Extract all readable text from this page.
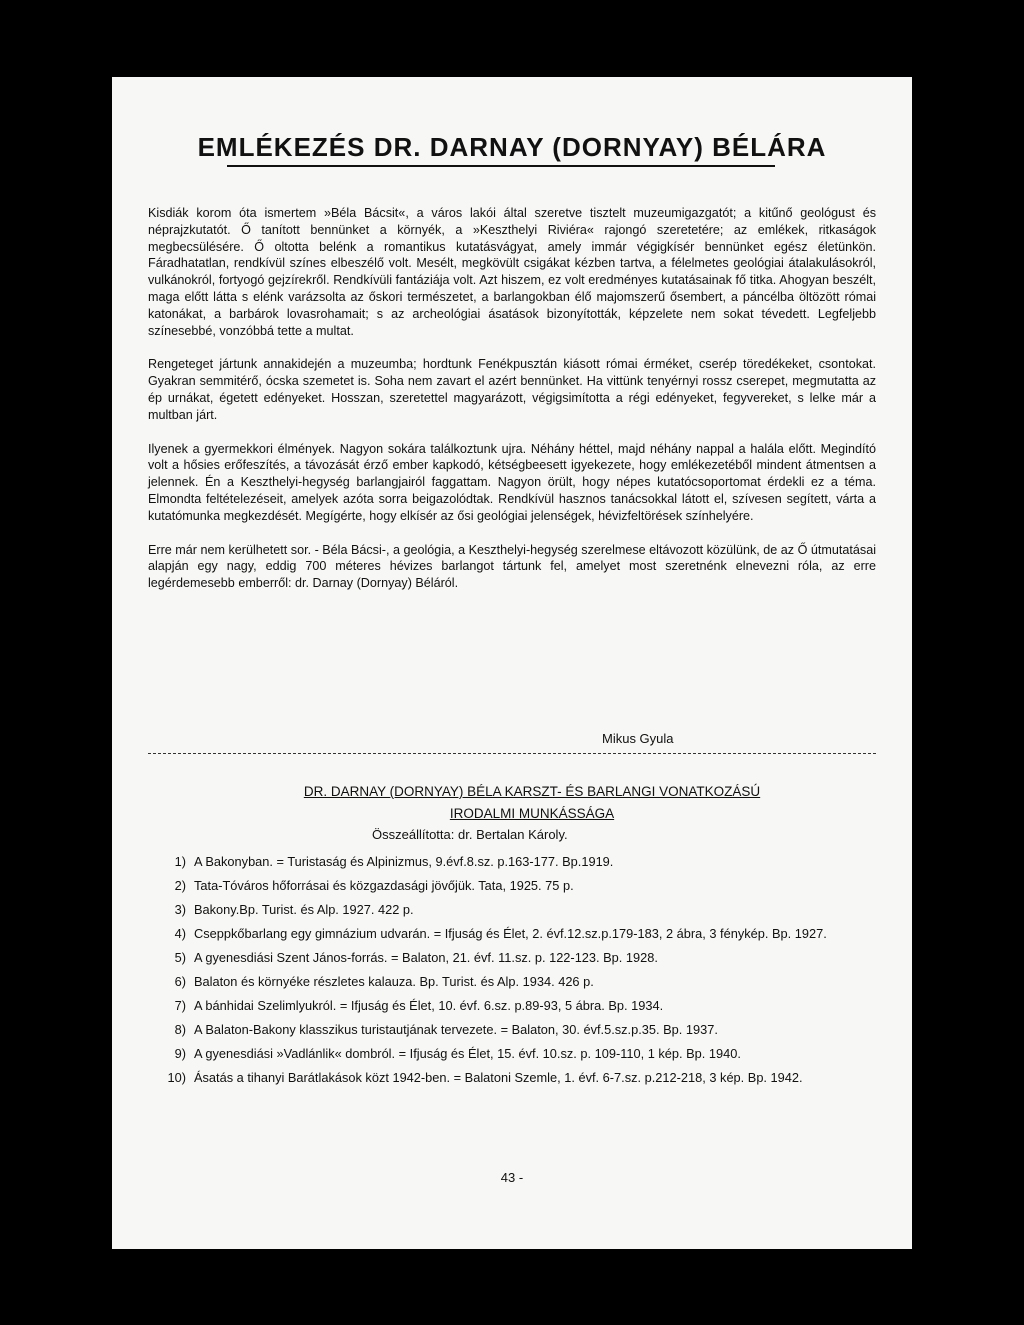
EMLÉKEZÉS DR. DARNAY (DORNYAY) BÉLÁRA

Kisdiák korom óta ismertem »Béla Bácsit«, a város lakói által szeretve tisztelt muzeumigazgatót; a kitűnő geológust és néprajzkutatót. Ő tanított bennünket a környék, a »Keszthelyi Riviéra« rajongó szeretetére; az emlékek, ritkaságok megbecsülésére. Ő oltotta belénk a romantikus kutatásvágyat, amely immár végigkísér bennünket egész életünkön. Fáradhatatlan, rendkívül színes elbeszélő volt. Mesélt, megkövült csigákat kézben tartva, a félelmetes geológiai átalakulásokról, vulkánokról, fortyogó gejzírekről. Rendkívüli fantáziája volt. Azt hiszem, ez volt eredményes kutatásainak fő titka. Ahogyan beszélt, maga előtt látta s elénk varázsolta az őskori természetet, a barlangokban élő majomszerű ősembert, a páncélba öltözött római katonákat, a barbárok lovasrohamait; s az archeológiai ásatások bizonyították, képzelete nem sokat tévedett. Legfeljebb színesebbé, vonzóbbá tette a multat.

Rengeteget jártunk annakidején a muzeumba; hordtunk Fenékpusztán kiásott római érméket, cserép töredékeket, csontokat. Gyakran semmitérő, ócska szemetet is. Soha nem zavart el azért bennünket. Ha vittünk tenyérnyi rossz cserepet, megmutatta az ép urnákat, égetett edényeket. Hosszan, szeretettel magyarázott, végigsimította a régi edényeket, fegyvereket, s lelke már a multban járt.

Ilyenek a gyermekkori élmények. Nagyon sokára találkoztunk ujra. Néhány héttel, majd néhány nappal a halála előtt. Megindító volt a hősies erőfeszítés, a távozását érző ember kapkodó, kétségbeesett igyekezete, hogy emlékezetéből mindent átmentsen a jelennek. Én a Keszthelyi-hegység barlangjairól faggattam. Nagyon örült, hogy népes kutatócsoportomat érdekli ez a téma. Elmondta feltételezéseit, amelyek azóta sorra beigazolódtak. Rendkívül hasznos tanácsokkal látott el, szívesen segített, várta a kutatómunka megkezdését. Megígérte, hogy elkísér az ősi geológiai jelenségek, hévizfeltörések színhelyére.

Erre már nem kerülhetett sor. - Béla Bácsi-, a geológia, a Keszthelyi-hegység szerelmese eltávozott közülünk, de az Ő útmutatásai alapján egy nagy, eddig 700 méteres hévizes barlangot tártunk fel, amelyet most szeretnénk elnevezni róla, az erre legérdemesebb emberről: dr. Darnay (Dornyay) Béláról.

Mikus Gyula
DR. DARNAY (DORNYAY) BÉLA KARSZT- ÉS BARLANGI VONATKOZÁSÚ
IRODALMI MUNKÁSSÁGA
Összeállította: dr. Bertalan Károly.
1) A Bakonyban. = Turistaság és Alpinizmus, 9.évf.8.sz. p.163-177. Bp.1919.
2) Tata-Tóváros hőforrásai és közgazdasági jövőjük. Tata, 1925. 75 p.
3) Bakony.Bp. Turist. és Alp. 1927. 422 p.
4) Cseppkőbarlang egy gimnázium udvarán. = Ifjuság és Élet, 2. évf.12.sz.p.179-183, 2 ábra, 3 fénykép. Bp. 1927.
5) A gyenesdiási Szent János-forrás. = Balaton, 21. évf. 11.sz. p. 122-123. Bp. 1928.
6) Balaton és környéke részletes kalauza. Bp. Turist. és Alp. 1934. 426 p.
7) A bánhidai Szelimlyukról. = Ifjuság és Élet, 10. évf. 6.sz. p.89-93, 5 ábra. Bp. 1934.
8) A Balaton-Bakony klasszikus turistautjának tervezete. = Balaton, 30. évf.5.sz.p.35. Bp. 1937.
9) A gyenesdiási »Vadlánlik« dombról. = Ifjuság és Élet, 15. évf. 10.sz. p. 109-110, 1 kép. Bp. 1940.
10) Ásatás a tihanyi Barátlakások közt 1942-ben. = Balatoni Szemle, 1. évf. 6-7.sz. p.212-218, 3 kép. Bp. 1942.
43 -
